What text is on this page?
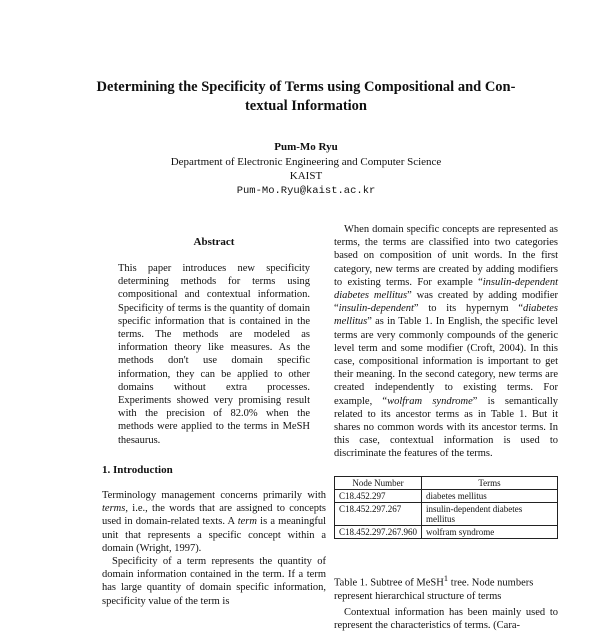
Determining the Specificity of Terms using Compositional and Con-
textual Information
Pum-Mo Ryu
Department of Electronic Engineering and Computer Science
KAIST
Pum-Mo.Ryu@kaist.ac.kr
Abstract

This paper introduces new specificity determining methods for terms using compositional and contextual information. Specificity of terms is the quantity of domain specific information that is contained in the terms. The methods are modeled as information theory like measures. As the methods don't use domain specific information, they can be applied to other domains without extra processes. Experiments showed very promising result with the precision of 82.0% when the methods were applied to the terms in MeSH thesaurus.

1. Introduction

Terminology management concerns primarily with terms, i.e., the words that are assigned to concepts used in domain-related texts. A term is a meaningful unit that represents a specific concept within a domain (Wright, 1997).

Specificity of a term represents the quantity of domain information contained in the term. If a term has large quantity of domain specific information, specificity value of the term is

When domain specific concepts are represented as terms, the terms are classified into two categories based on composition of unit words. In the first category, new terms are created by adding modifiers to existing terms. For example “insulin-dependent diabetes mellitus” was created by adding modifier “insulin-dependent” to its hypernym “diabetes mellitus” as in Table 1. In English, the specific level terms are very commonly compounds of the generic level term and some modifier (Croft, 2004). In this case, compositional information is important to get their meaning. In the second category, new terms are created independently to existing terms. For example, “wolfram syndrome” is semantically related to its ancestor terms as in Table 1. But it shares no common words with its ancestor terms. In this case, contextual information is used to discriminate the features of the terms.

Node Number	Terms
C18.452.297	diabetes mellitus
C18.452.297.267	insulin-dependent diabetes mellitus
C18.452.297.267.960	wolfram syndrome
Table 1. Subtree of MeSH$^1$ tree. Node numbers represent hierarchical structure of terms

Contextual information has been mainly used to represent the characteristics of terms. (Cara-
